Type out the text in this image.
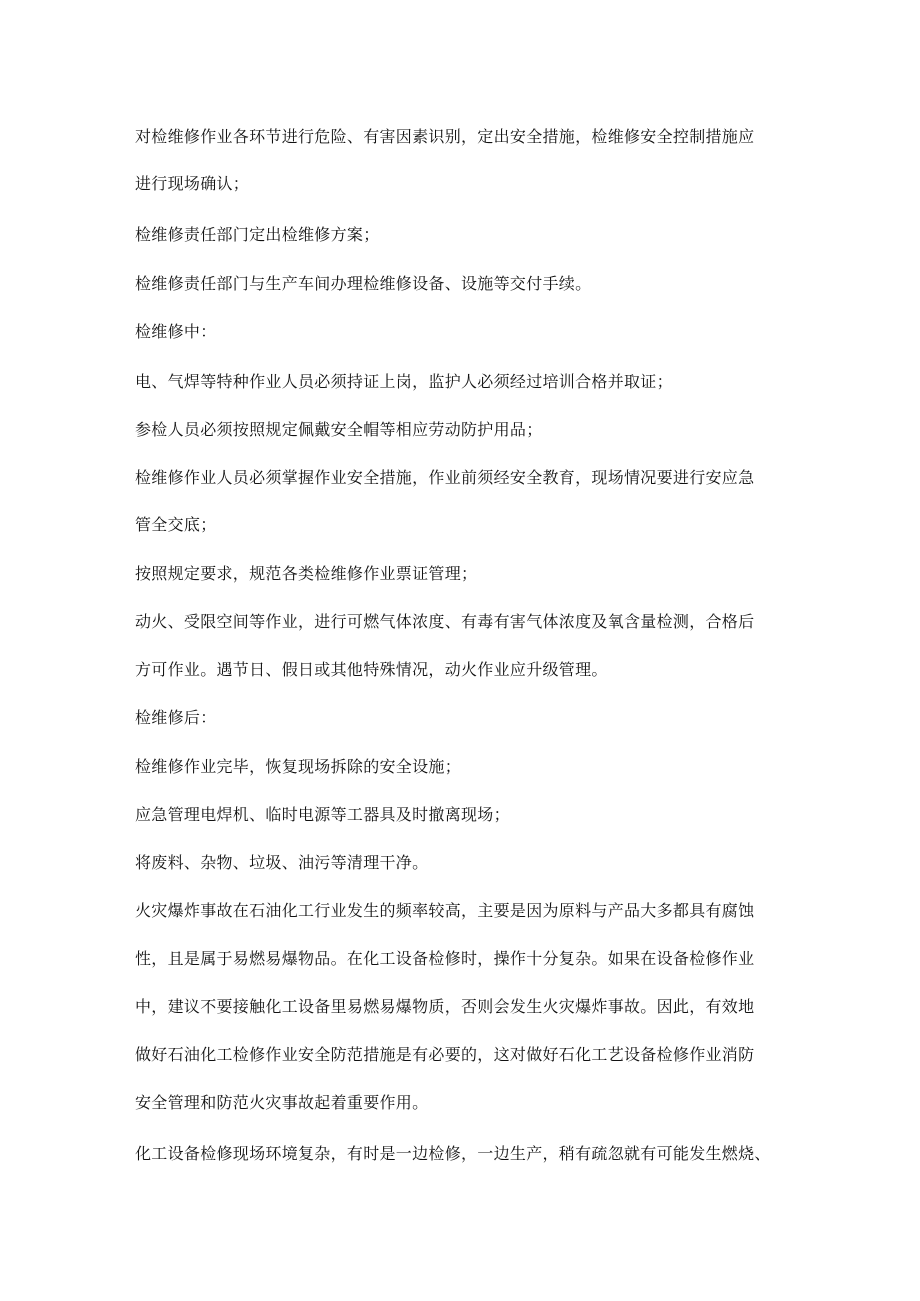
对检维修作业各环节进行危险、有害因素识别，定出安全措施，检维修安全控制措施应
进行现场确认；
检维修责任部门定出检维修方案；
检维修责任部门与生产车间办理检维修设备、设施等交付手续。
检维修中：
电、气焊等特种作业人员必须持证上岗，监护人必须经过培训合格并取证；
参检人员必须按照规定佩戴安全帽等相应劳动防护用品；
检维修作业人员必须掌握作业安全措施，作业前须经安全教育，现场情况要进行安应急
管全交底；
按照规定要求，规范各类检维修作业票证管理；
动火、受限空间等作业，进行可燃气体浓度、有毒有害气体浓度及氧含量检测，合格后
方可作业。遇节日、假日或其他特殊情况，动火作业应升级管理。
检维修后：
检维修作业完毕，恢复现场拆除的安全设施；
应急管理电焊机、临时电源等工器具及时撤离现场；
将废料、杂物、垃圾、油污等清理干净。
火灾爆炸事故在石油化工行业发生的频率较高，主要是因为原料与产品大多都具有腐蚀
性，且是属于易燃易爆物品。在化工设备检修时，操作十分复杂。如果在设备检修作业
中，建议不要接触化工设备里易燃易爆物质，否则会发生火灾爆炸事故。因此，有效地
做好石油化工检修作业安全防范措施是有必要的，这对做好石化工艺设备检修作业消防
安全管理和防范火灾事故起着重要作用。
化工设备检修现场环境复杂，有时是一边检修，一边生产，稍有疏忽就有可能发生燃烧、
